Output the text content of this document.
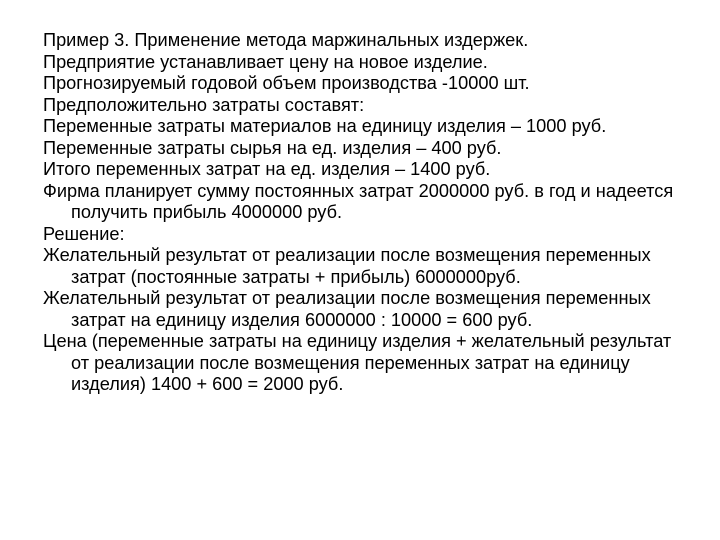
Пример 3. Применение метода маржинальных издержек.

Предприятие устанавливает цену на новое изделие.

Прогнозируемый годовой объем производства -10000 шт.

Предположительно затраты составят:

Переменные затраты материалов на единицу изделия – 1000 руб.

Переменные затраты сырья на ед. изделия – 400 руб.

Итого переменных затрат на ед. изделия – 1400 руб.

Фирма планирует сумму постоянных затрат 2000000 руб. в год и надеется получить прибыль 4000000 руб.

Решение:

Желательный результат от реализации после возмещения переменных затрат (постоянные затраты + прибыль) 6000000руб.

Желательный результат от реализации после возмещения переменных затрат на единицу изделия 6000000 : 10000 = 600 руб.

Цена (переменные затраты на единицу изделия + желательный результат от реализации после возмещения переменных затрат на единицу изделия) 1400 + 600 = 2000 руб.
